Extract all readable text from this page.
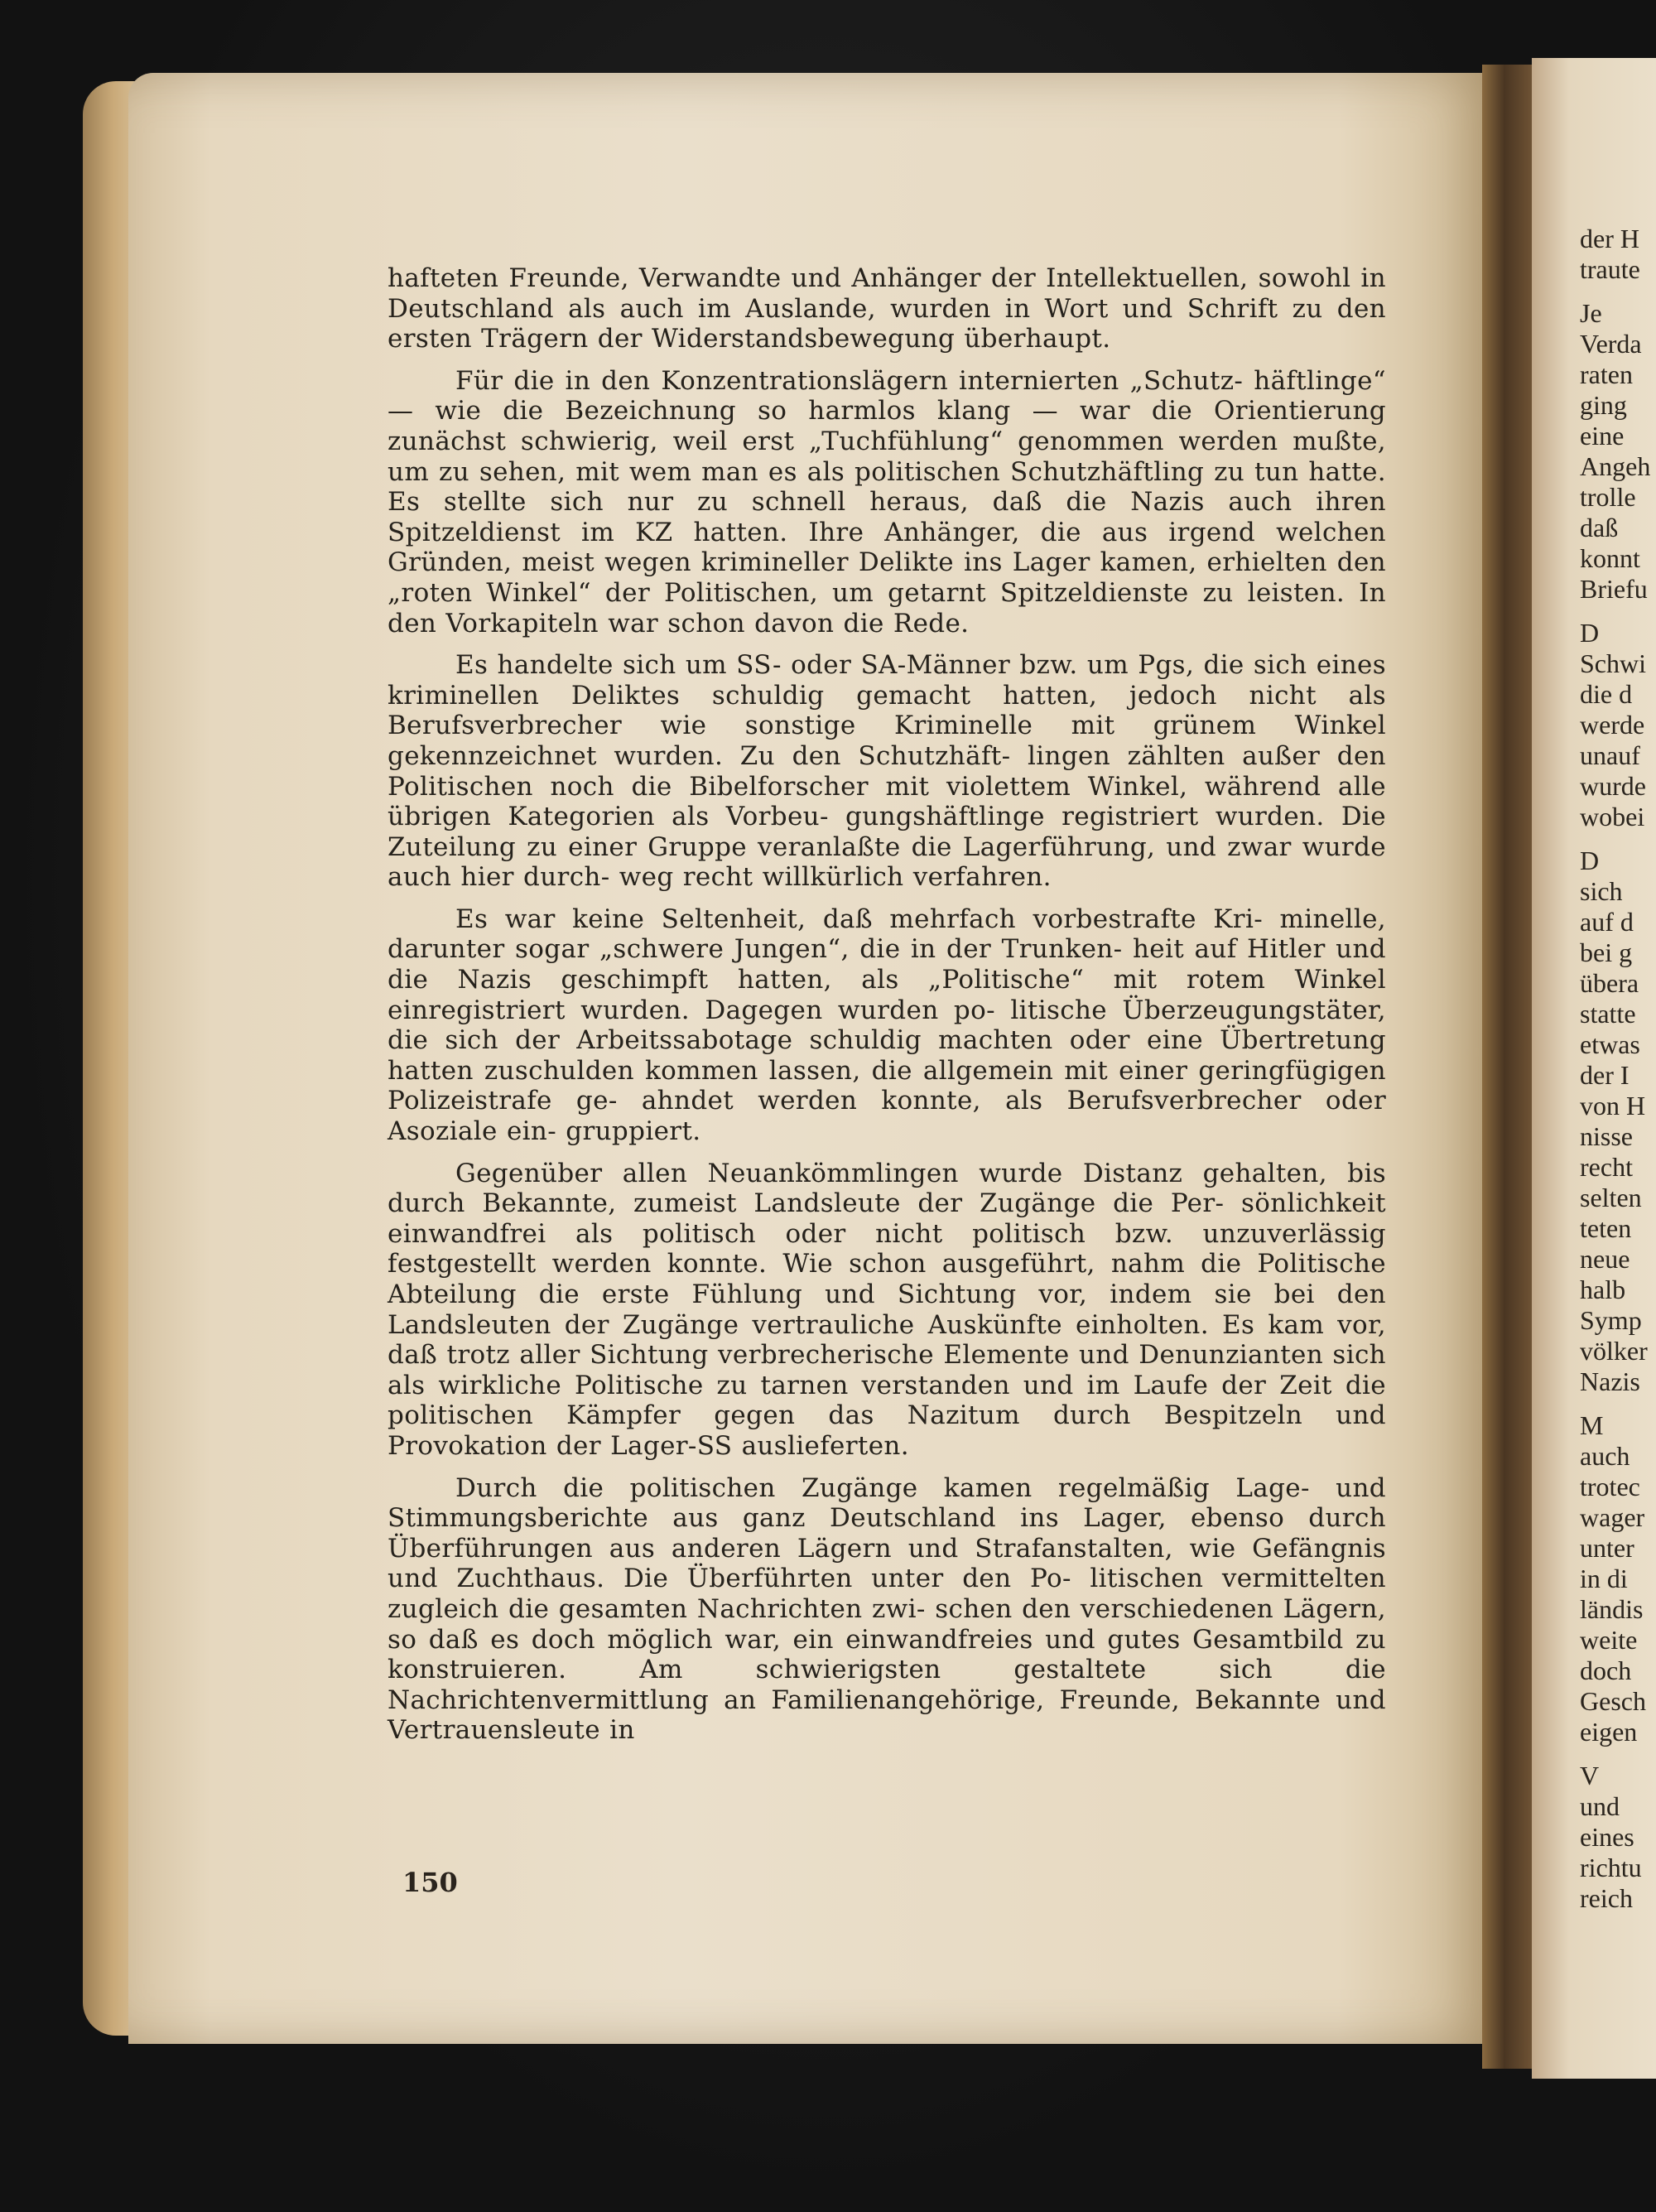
der H
traute
Je
Verda
raten
ging
eine
Angeh
trolle
daß
konnt
Briefu
D
Schwi
die d
werde
unauf
wurde
wobei
D
sich
auf d
bei g
übera
statte
etwas
der I
von H
nisse
recht
selten
teten
neue
halb
Symp
völker
Nazis
M
auch
trotec
wager
unter
in di
ländis
weite
doch
Gesch
eigen
V
und
eines
richtu
reich

hafteten Freunde, Verwandte und Anhänger der Intellektuellen, sowohl in Deutschland als auch im Auslande, wurden in Wort und Schrift zu den ersten Trägern der Widerstandsbewegung überhaupt.

Für die in den Konzentrationslägern internierten „Schutz‑ häftlinge“ — wie die Bezeichnung so harmlos klang — war die Orientierung zunächst schwierig, weil erst „Tuchfühlung“ genommen werden mußte, um zu sehen, mit wem man es als politischen Schutzhäftling zu tun hatte. Es stellte sich nur zu schnell heraus, daß die Nazis auch ihren Spitzeldienst im KZ hatten. Ihre Anhänger, die aus irgend welchen Gründen, meist wegen krimineller Delikte ins Lager kamen, erhielten den „roten Winkel“ der Politischen, um getarnt Spitzeldienste zu leisten. In den Vorkapiteln war schon davon die Rede.

Es handelte sich um SS- oder SA-Männer bzw. um Pgs, die sich eines kriminellen Deliktes schuldig gemacht hatten, jedoch nicht als Berufsverbrecher wie sonstige Kriminelle mit grünem Winkel gekennzeichnet wurden. Zu den Schutzhäft‑ lingen zählten außer den Politischen noch die Bibelforscher mit violettem Winkel, während alle übrigen Kategorien als Vorbeu‑ gungshäftlinge registriert wurden. Die Zuteilung zu einer Gruppe veranlaßte die Lagerführung, und zwar wurde auch hier durch‑ weg recht willkürlich verfahren.

Es war keine Seltenheit, daß mehrfach vorbestrafte Kri‑ minelle, darunter sogar „schwere Jungen“, die in der Trunken‑ heit auf Hitler und die Nazis geschimpft hatten, als „Politische“ mit rotem Winkel einregistriert wurden. Dagegen wurden po‑ litische Überzeugungstäter, die sich der Arbeitssabotage schuldig machten oder eine Übertretung hatten zuschulden kommen lassen, die allgemein mit einer geringfügigen Polizeistrafe ge‑ ahndet werden konnte, als Berufsverbrecher oder Asoziale ein‑ gruppiert.

Gegenüber allen Neuankömmlingen wurde Distanz gehalten, bis durch Bekannte, zumeist Landsleute der Zugänge die Per‑ sönlichkeit einwandfrei als politisch oder nicht politisch bzw. unzuverlässig festgestellt werden konnte. Wie schon ausgeführt, nahm die Politische Abteilung die erste Fühlung und Sichtung vor, indem sie bei den Landsleuten der Zugänge vertrauliche Auskünfte einholten. Es kam vor, daß trotz aller Sichtung verbrecherische Elemente und Denunzianten sich als wirkliche Politische zu tarnen verstanden und im Laufe der Zeit die politischen Kämpfer gegen das Nazitum durch Bespitzeln und Provokation der Lager-SS auslieferten.

Durch die politischen Zugänge kamen regelmäßig Lage‑ und Stimmungsberichte aus ganz Deutschland ins Lager, ebenso durch Überführungen aus anderen Lägern und Strafanstalten, wie Gefängnis und Zuchthaus. Die Überführten unter den Po‑ litischen vermittelten zugleich die gesamten Nachrichten zwi‑ schen den verschiedenen Lägern, so daß es doch möglich war, ein einwandfreies und gutes Gesamtbild zu konstruieren. Am schwierigsten gestaltete sich die Nachrichtenvermittlung an Familienangehörige, Freunde, Bekannte und Vertrauensleute in

150
